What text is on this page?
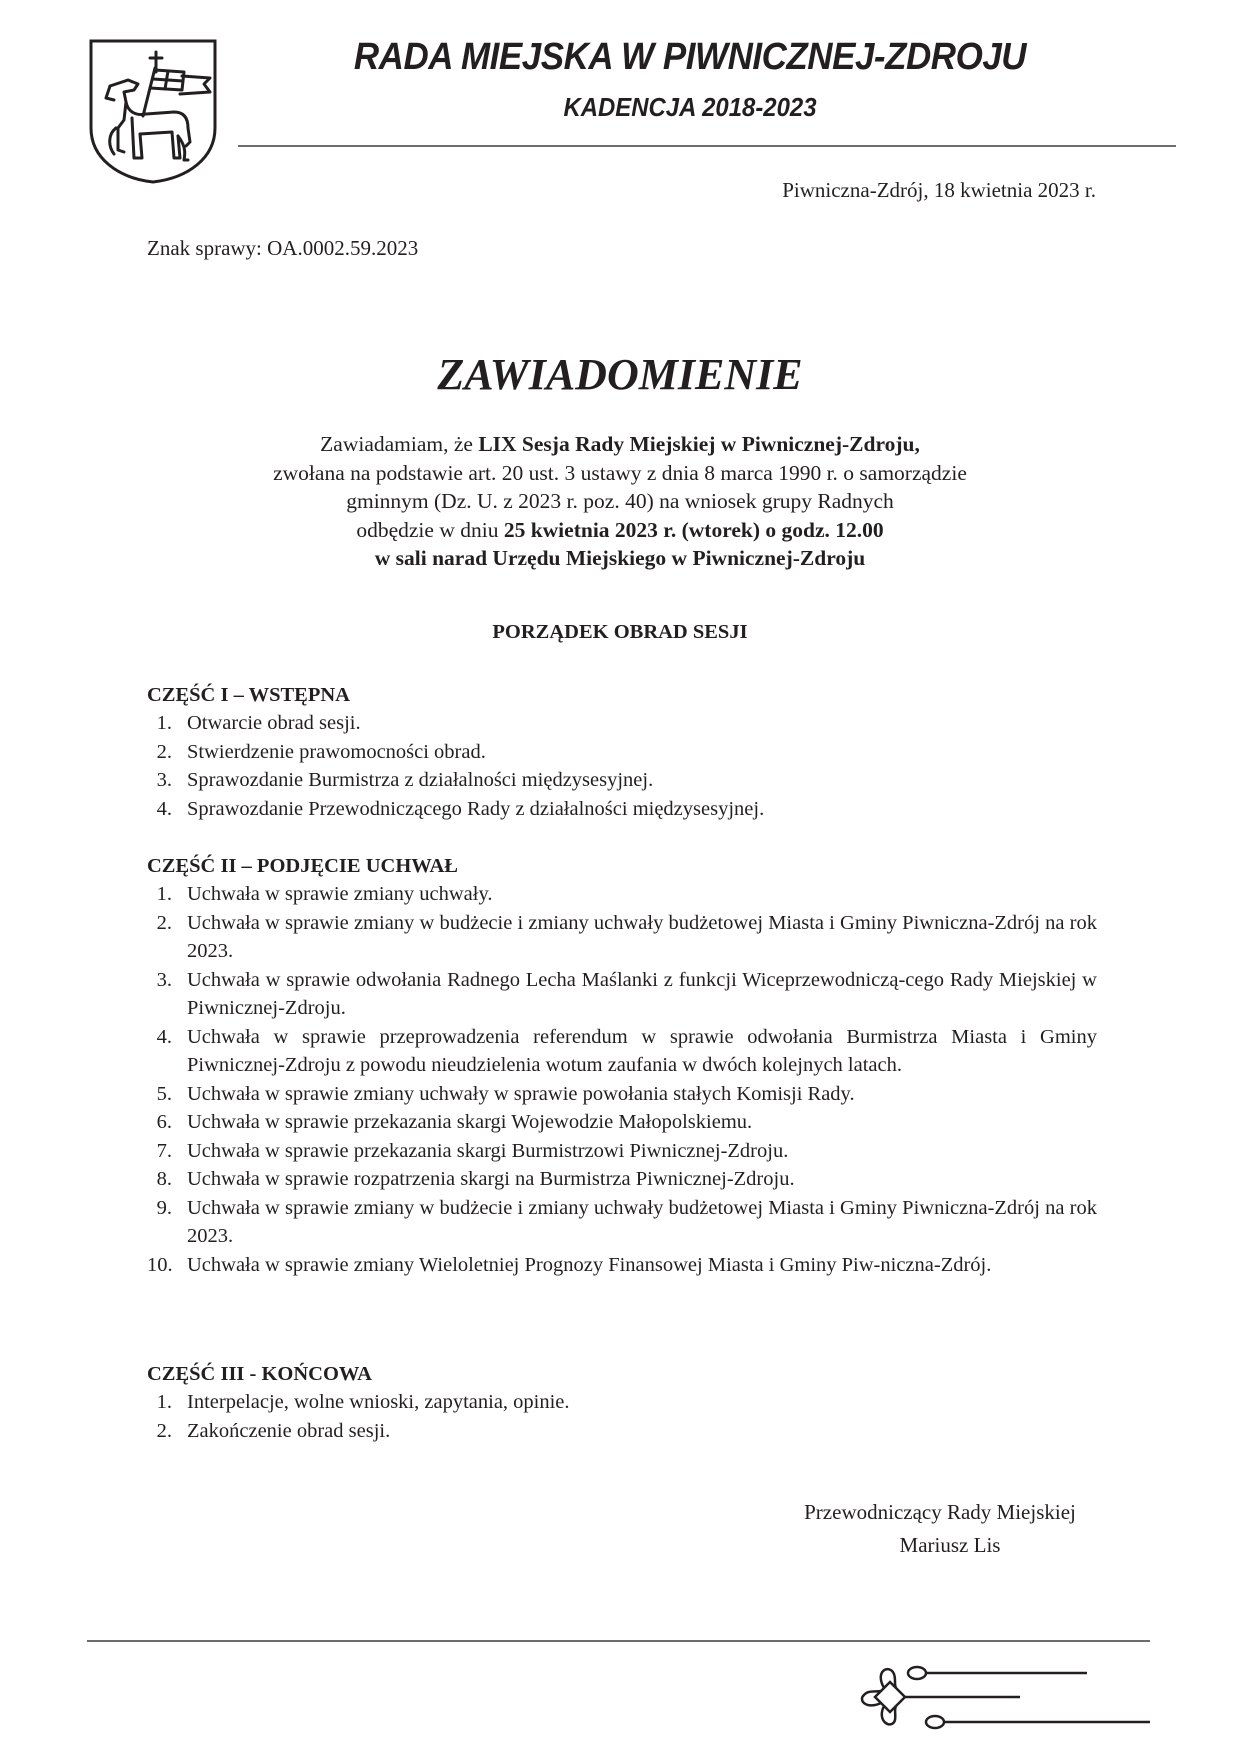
RADA MIEJSKA W PIWNICZNEJ-ZDROJU
KADENCJA 2018-2023
Piwniczna-Zdrój, 18 kwietnia 2023 r.
Znak sprawy: OA.0002.59.2023
ZAWIADOMIENIE
Zawiadamiam, że LIX Sesja Rady Miejskiej w Piwnicznej-Zdroju,
zwołana na podstawie art. 20 ust. 3 ustawy z dnia 8 marca 1990 r. o samorządzie
gminnym (Dz. U. z 2023 r. poz. 40) na wniosek grupy Radnych
odbędzie w dniu 25 kwietnia 2023 r. (wtorek) o godz. 12.00
w sali narad Urzędu Miejskiego w Piwnicznej-Zdroju
PORZĄDEK OBRAD SESJI
CZĘŚĆ I – WSTĘPNA
1. Otwarcie obrad sesji.
2. Stwierdzenie prawomocności obrad.
3. Sprawozdanie Burmistrza z działalności międzysesyjnej.
4. Sprawozdanie Przewodniczącego Rady z działalności międzysesyjnej.
CZĘŚĆ II – PODJĘCIE UCHWAŁ
1. Uchwała w sprawie zmiany uchwały.
2. Uchwała w sprawie zmiany w budżecie i zmiany uchwały budżetowej Miasta i Gminy Piwniczna-Zdrój na rok 2023.
3. Uchwała w sprawie odwołania Radnego Lecha Maślanki z funkcji Wiceprzewodniczą-cego Rady Miejskiej w Piwnicznej-Zdroju.
4. Uchwała w sprawie przeprowadzenia referendum w sprawie odwołania Burmistrza Miasta i Gminy Piwnicznej-Zdroju z powodu nieudzielenia wotum zaufania w dwóch kolejnych latach.
5. Uchwała w sprawie zmiany uchwały w sprawie powołania stałych Komisji Rady.
6. Uchwała w sprawie przekazania skargi Wojewodzie Małopolskiemu.
7. Uchwała w sprawie przekazania skargi Burmistrzowi Piwnicznej-Zdroju.
8. Uchwała w sprawie rozpatrzenia skargi na Burmistrza Piwnicznej-Zdroju.
9. Uchwała w sprawie zmiany w budżecie i zmiany uchwały budżetowej Miasta i Gminy Piwniczna-Zdrój na rok 2023.
10. Uchwała w sprawie zmiany Wieloletniej Prognozy Finansowej Miasta i Gminy Piw-niczna-Zdrój.
CZĘŚĆ III - KOŃCOWA
1. Interpelacje, wolne wnioski, zapytania, opinie.
2. Zakończenie obrad sesji.
Przewodniczący Rady Miejskiej
Mariusz Lis
